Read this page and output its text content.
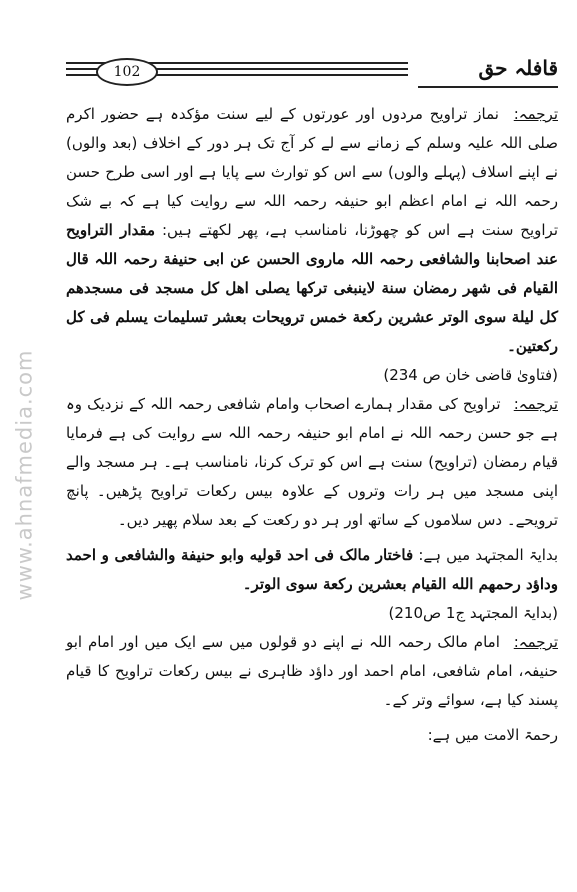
www.ahnafmedia.com
102	قافلہ حق

ترجمہ: نماز تراویح مردوں اور عورتوں کے لیے سنت مؤکدہ ہے حضور اکرم صلی اللہ علیہ وسلم کے زمانے سے لے کر آج تک ہر دور کے اخلاف (بعد والوں) نے اپنے اسلاف (پہلے والوں) سے اس کو توارث سے پایا ہے اور اسی طرح حسن رحمہ اللہ نے امام اعظم ابو حنیفہ رحمہ اللہ سے روایت کیا ہے کہ بے شک تراویح سنت ہے اس کو چھوڑنا، نامناسب ہے، پھر لکھتے ہیں: مقدار التراویح عند اصحابنا والشافعی رحمہ اللہ ماروی الحسن عن ابی حنیفة رحمہ اللہ قال القیام فی شهر رمضان سنة لاینبغی ترکها یصلی اهل کل مسجد فی مسجدهم کل لیلة سوی الوتر عشرین رکعة خمس ترویحات بعشر تسلیمات یسلم فی کل رکعتین۔

(فتاویٰ قاضی خان ص 234)

ترجمہ: تراویح کی مقدار ہمارے اصحاب وامام شافعی رحمہ اللہ کے نزدیک وہ ہے جو حسن رحمہ اللہ نے امام ابو حنیفہ رحمہ اللہ سے روایت کی ہے فرمایا قیام رمضان (تراویح) سنت ہے اس کو ترک کرنا، نامناسب ہے۔ ہر مسجد والے اپنی مسجد میں ہر رات وتروں کے علاوہ بیس رکعات تراویح پڑھیں۔ پانچ ترویحے۔ دس سلاموں کے ساتھ اور ہر دو رکعت کے بعد سلام پھیر دیں۔

بدایۃ المجتہد میں ہے: فاختار مالک فی احد قولیه وابو حنیفة والشافعی و احمد وداؤد رحمهم الله القیام بعشرین رکعة سوی الوتر۔

(بدایۃ المجتہد ج1 ص210)

ترجمہ: امام مالک رحمہ اللہ نے اپنے دو قولوں میں سے ایک میں اور امام ابو حنیفہ، امام شافعی، امام احمد اور داؤد ظاہری نے بیس رکعات تراویح کا قیام پسند کیا ہے، سوائے وتر کے۔

رحمۃ الامت میں ہے:
